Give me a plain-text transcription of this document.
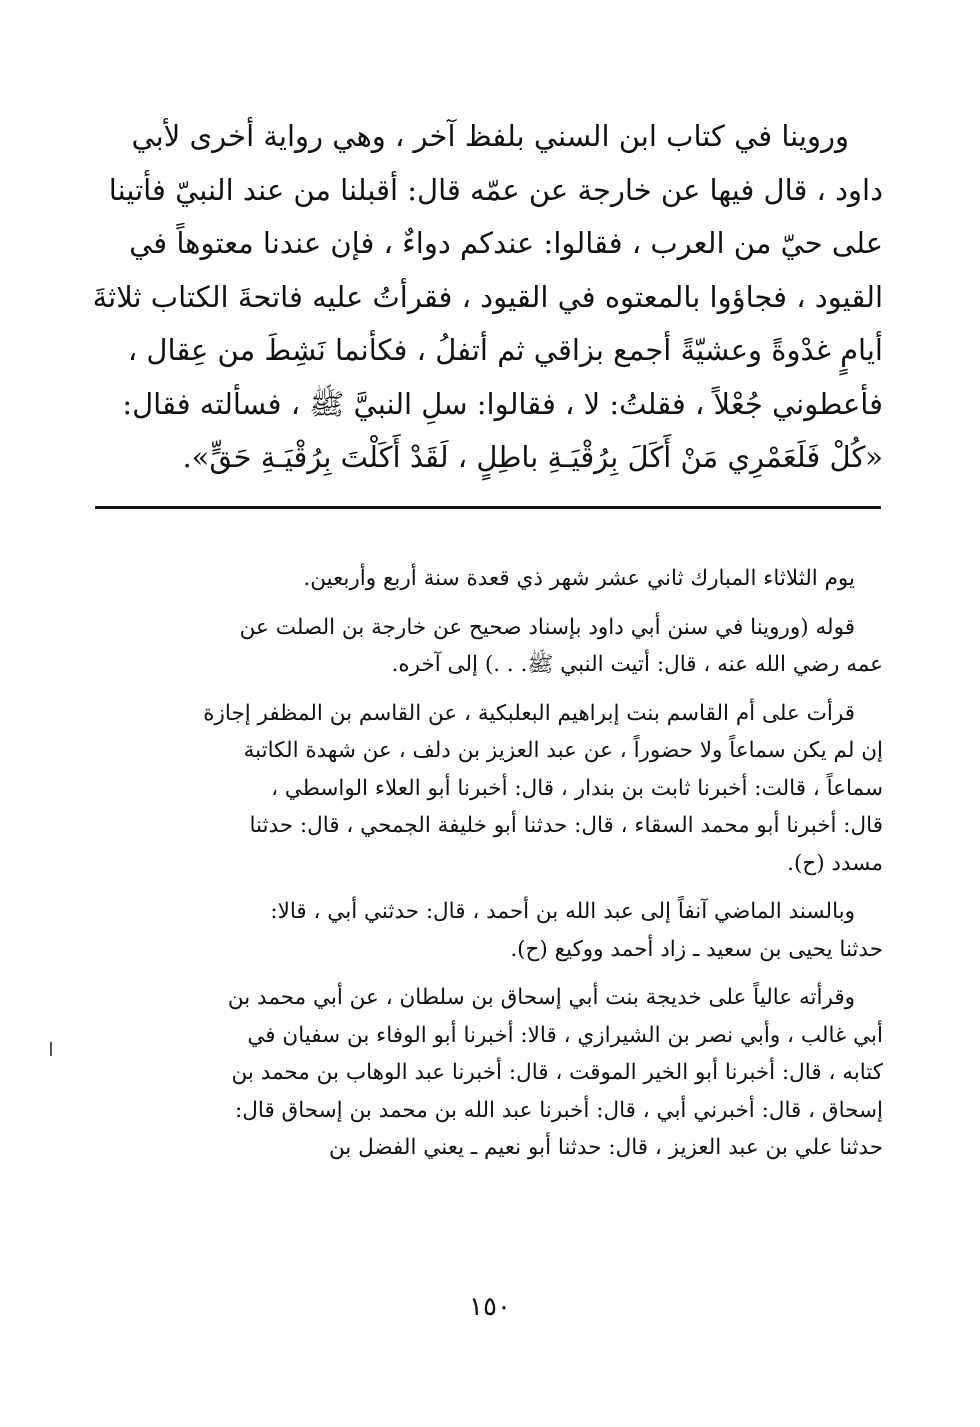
وروينا في كتاب ابن السني بلفظ آخر ، وهي رواية أخرى لأبي
داود ، قال فيها عن خارجة عن عمّه قال: أقبلنا من عند النبيّ فأتينا
على حيّ من العرب ، فقالوا: عندكم دواءٌ ، فإن عندنا معتوهاً في
القيود ، فجاؤوا بالمعتوه في القيود ، فقرأتُ عليه فاتحةَ الكتاب ثلاثةَ
أيامٍ غدْوةً وعشيّةً أجمع بزاقي ثم أتفلُ ، فكأنما نَشِطَ من عِقال ،
فأعطوني جُعْلاً ، فقلتُ: لا ، فقالوا: سلِ النبيَّ ﷺ ، فسألته فقال:
«كُلْ فَلَعَمْرِي مَنْ أَكَلَ بِرُقْيَـةِ باطِلٍ ، لَقَدْ أَكَلْتَ بِرُقْيَـةِ حَقٍّ».
يوم الثلاثاء المبارك ثاني عشر شهر ذي قعدة سنة أربع وأربعين.
قوله (وروينا في سنن أبي داود بإسناد صحيح عن خارجة بن الصلت عن
عمه رضي الله عنه ، قال: أتيت النبي ﷺ. . .) إلى آخره.
قرأت على أم القاسم بنت إبراهيم البعلبكية ، عن القاسم بن المظفر إجازة
إن لم يكن سماعاً ولا حضوراً ، عن عبد العزيز بن دلف ، عن شهدة الكاتبة
سماعاً ، قالت: أخبرنا ثابت بن بندار ، قال: أخبرنا أبو العلاء الواسطي ،
قال: أخبرنا أبو محمد السقاء ، قال: حدثنا أبو خليفة الجمحي ، قال: حدثنا
مسدد (ح).
وبالسند الماضي آنفاً إلى عبد الله بن أحمد ، قال: حدثني أبي ، قالا:
حدثنا يحيى بن سعيد ـ زاد أحمد ووكيع (ح).
وقرأته عالياً على خديجة بنت أبي إسحاق بن سلطان ، عن أبي محمد بن
أبي غالب ، وأبي نصر بن الشيرازي ، قالا: أخبرنا أبو الوفاء بن سفيان في
كتابه ، قال: أخبرنا أبو الخير الموقت ، قال: أخبرنا عبد الوهاب بن محمد بن
إسحاق ، قال: أخبرني أبي ، قال: أخبرنا عبد الله بن محمد بن إسحاق قال:
حدثنا علي بن عبد العزيز ، قال: حدثنا أبو نعيم ـ يعني الفضل بن
١٥٠
